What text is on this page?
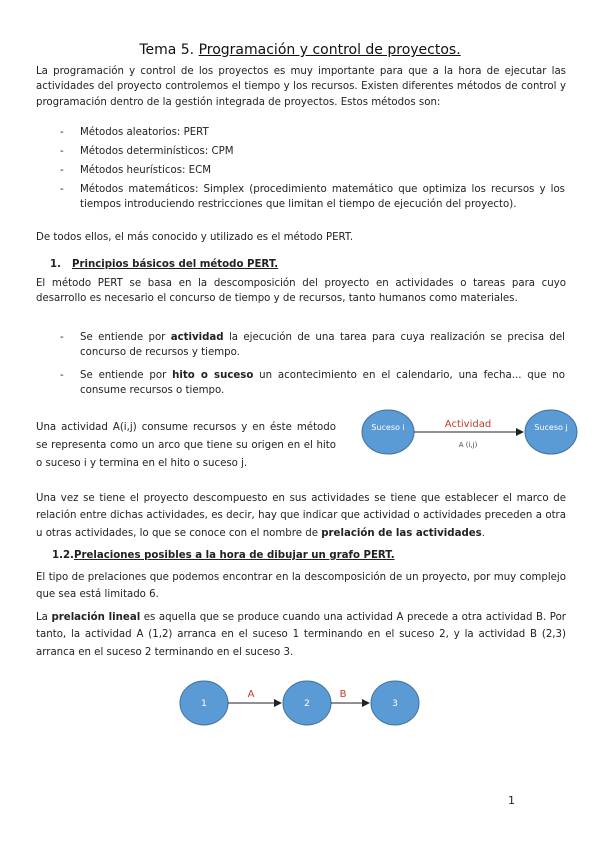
Tema 5. Programación y control de proyectos.
La programación y control de los proyectos es muy importante para que a la hora de ejecutar las actividades del proyecto controlemos el tiempo y los recursos. Existen diferentes métodos de control y programación dentro de la gestión integrada de proyectos. Estos métodos son:
- Métodos aleatorios: PERT
- Métodos determinísticos: CPM
- Métodos heurísticos: ECM
- Métodos matemáticos: Simplex (procedimiento matemático que optimiza los recursos y los tiempos introduciendo restricciones que limitan el tiempo de ejecución del proyecto).
De todos ellos, el más conocido y utilizado es el método PERT.
1. Principios básicos del método PERT.
El método PERT se basa en la descomposición del proyecto en actividades o tareas para cuyo desarrollo es necesario el concurso de tiempo y de recursos, tanto humanos como materiales.
- Se entiende por actividad la ejecución de una tarea para cuya realización se precisa del concurso de recursos y tiempo.
- Se entiende por hito o suceso un acontecimiento en el calendario, una fecha... que no consume recursos o tiempo.
Una actividad A(i,j) consume recursos y en éste método se representa como un arco que tiene su origen en el hito o suceso i y termina en el hito o suceso j.
Suceso i	Suceso j
Actividad
A (i,j)
Una vez se tiene el proyecto descompuesto en sus actividades se tiene que establecer el marco de relación entre dichas actividades, es decir, hay que indicar que actividad o actividades preceden a otra u otras actividades, lo que se conoce con el nombre de prelación de las actividades.
1.2.Prelaciones posibles a la hora de dibujar un grafo PERT.
El tipo de prelaciones que podemos encontrar en la descomposición de un proyecto, por muy complejo que sea está limitado 6.
La prelación lineal es aquella que se produce cuando una actividad A precede a otra actividad B. Por tanto, la actividad A (1,2) arranca en el suceso 1 terminando en el suceso 2, y la actividad B (2,3) arranca en el suceso 2 terminando en el suceso 3.
1	2	3
A	B
1
